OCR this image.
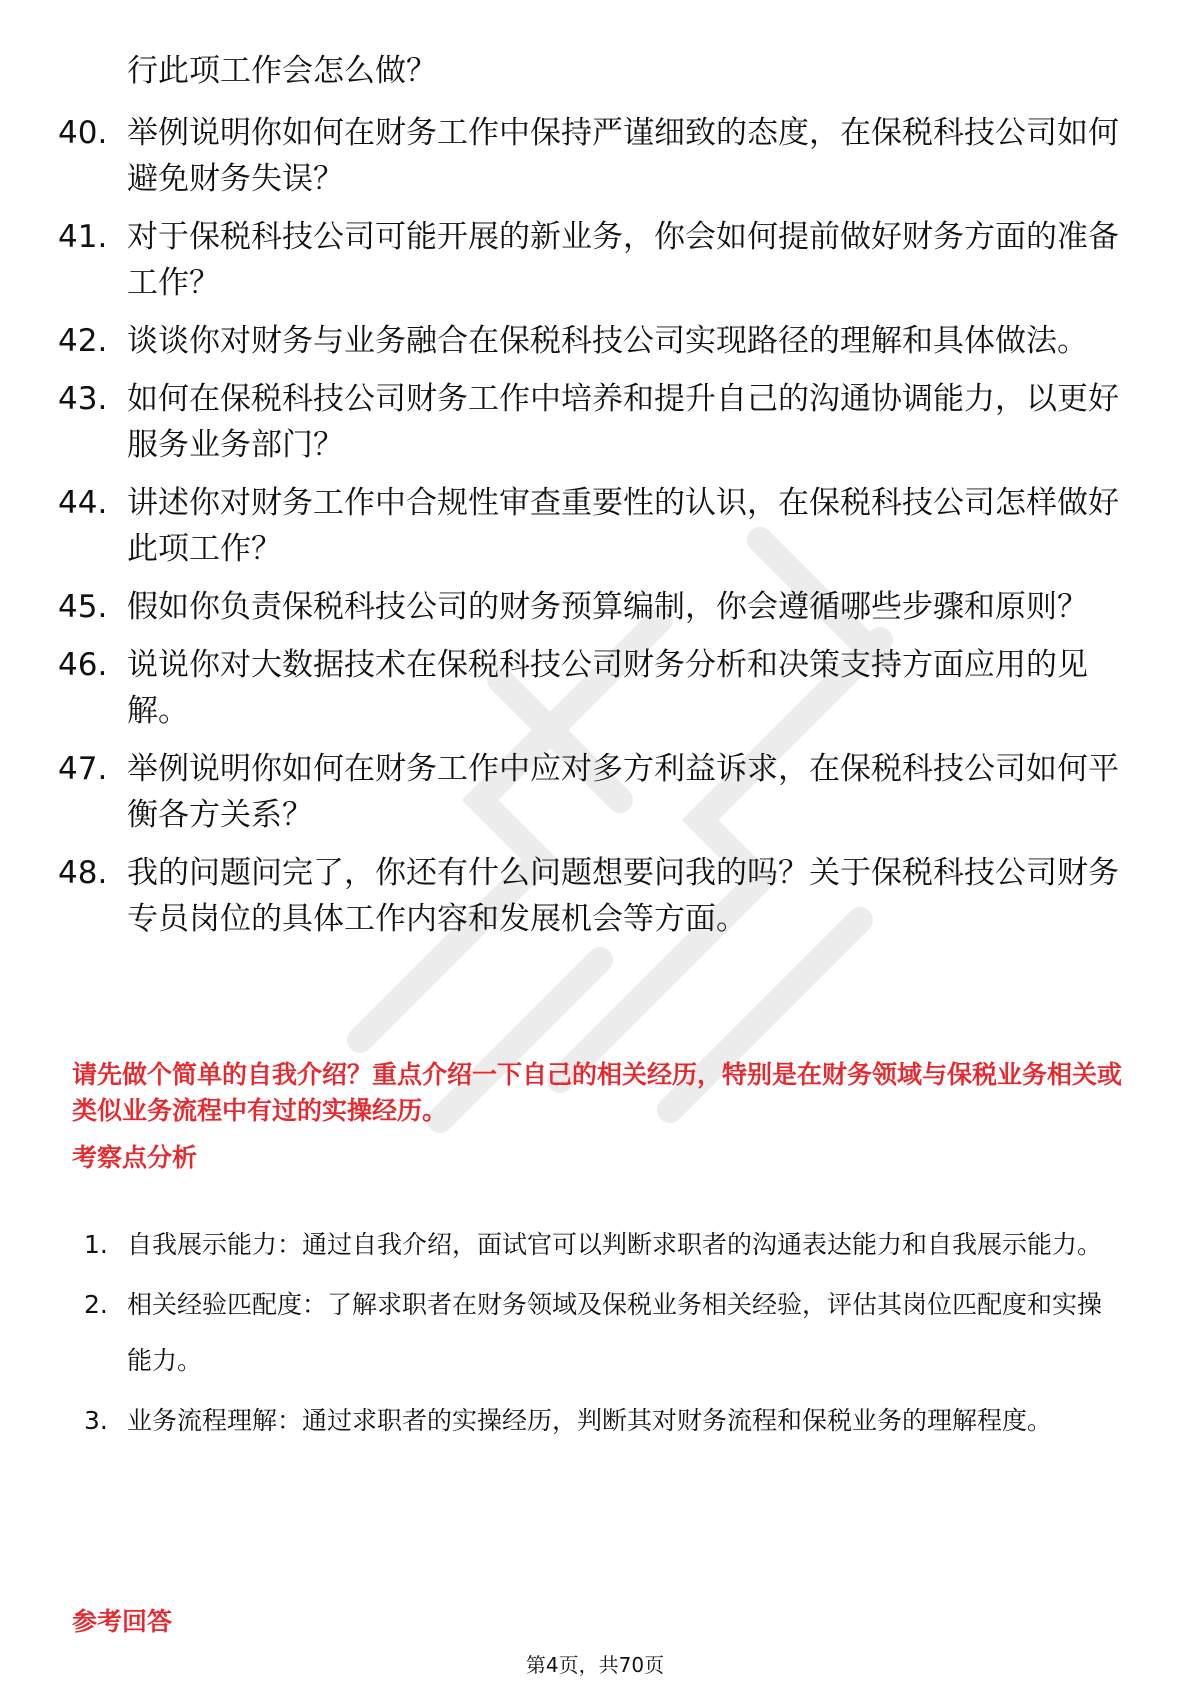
行此项工作会怎么做？

40. 举例说明你如何在财务工作中保持严谨细致的态度，在保税科技公司如何避免财务失误？
41. 对于保税科技公司可能开展的新业务，你会如何提前做好财务方面的准备工作？
42. 谈谈你对财务与业务融合在保税科技公司实现路径的理解和具体做法。
43. 如何在保税科技公司财务工作中培养和提升自己的沟通协调能力，以更好服务业务部门？
44. 讲述你对财务工作中合规性审查重要性的认识，在保税科技公司怎样做好此项工作？
45. 假如你负责保税科技公司的财务预算编制，你会遵循哪些步骤和原则？
46. 说说你对大数据技术在保税科技公司财务分析和决策支持方面应用的见解。
47. 举例说明你如何在财务工作中应对多方利益诉求，在保税科技公司如何平衡各方关系？
48. 我的问题问完了，你还有什么问题想要问我的吗？关于保税科技公司财务专员岗位的具体工作内容和发展机会等方面。

请先做个简单的自我介绍？重点介绍一下自己的相关经历，特别是在财务领域与保税业务相关或类似业务流程中有过的实操经历。

考察点分析
1. 自我展示能力：通过自我介绍，面试官可以判断求职者的沟通表达能力和自我展示能力。
2. 相关经验匹配度：了解求职者在财务领域及保税业务相关经验，评估其岗位匹配度和实操能力。
3. 业务流程理解：通过求职者的实操经历，判断其对财务流程和保税业务的理解程度。
参考回答
第4页，共70页
